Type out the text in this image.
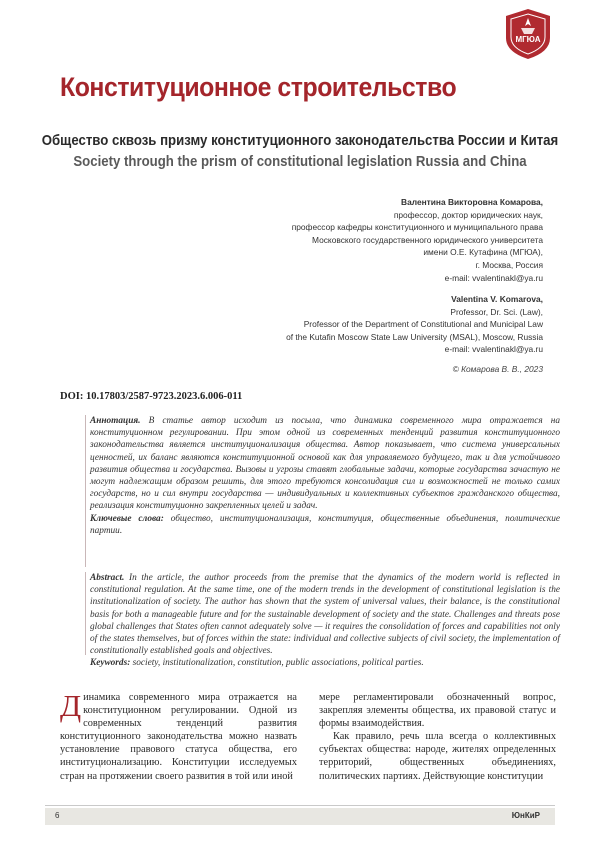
МГЮА
Конституционное строительство
Общество сквозь призму конституционного законодательства России и Китая
Society through the prism of constitutional legislation Russia and China
Валентина Викторовна Комарова,
профессор, доктор юридических наук,
профессор кафедры конституционного и муниципального права
Московского государственного юридического университета
имени О.Е. Кутафина (МГЮА),
г. Москва, Россия
e-mail: vvalentinakl@ya.ru
Valentina V. Komarova,
Professor, Dr. Sci. (Law),
Professor of the Department of Constitutional and Municipal Law
of the Kutafin Moscow State Law University (MSAL), Moscow, Russia
e-mail: vvalentinakl@ya.ru
© Комарова В. В., 2023
DOI: 10.17803/2587-9723.2023.6.006-011

Аннотация. В статье автор исходит из посыла, что динамика современного мира отражается на конституционном регулировании. При этом одной из современных тенденций развития конституционного законодательства является институционализация общества. Автор показывает, что система универсальных ценностей, их баланс являются конституционной основой как для управляемого будущего, так и для устойчивого развития общества и государства. Вызовы и угрозы ставят глобальные задачи, которые государства зачастую не могут надлежащим образом решить, для этого требуются консолидация сил и возможностей не только самих государств, но и сил внутри государства — индивидуальных и коллективных субъектов гражданского общества, реализация конституционно закрепленных целей и задач.

Ключевые слова: общество, институционализация, конституция, общественные объединения, политические партии.

Abstract. In the article, the author proceeds from the premise that the dynamics of the modern world is reflected in constitutional regulation. At the same time, one of the modern trends in the development of constitutional legislation is the institutionalization of society. The author has shown that the system of universal values, their balance, is the constitutional basis for both a manageable future and for the sustainable development of society and the state. Challenges and threats pose global challenges that States often cannot adequately solve — it requires the consolidation of forces and capabilities not only of the states themselves, but of forces within the state: individual and collective subjects of civil society, the implementation of constitutionally established goals and objectives.

Keywords: society, institutionalization, constitution, public associations, political parties.

Динамика современного мира отражается на конституционном регулировании. Одной из современных тенденций развития конституционного законодательства можно назвать установление правового статуса общества, его институционализацию. Конституции исследуемых стран на протяжении своего развития в той или иной

мере регламентировали обозначенный вопрос, закрепляя элементы общества, их правовой статус и формы взаимодействия.

Как правило, речь шла всегда о коллективных субъектах общества: народе, жителях определенных территорий, общественных объединениях, политических партиях. Действующие конституции

6	ЮнКиР
